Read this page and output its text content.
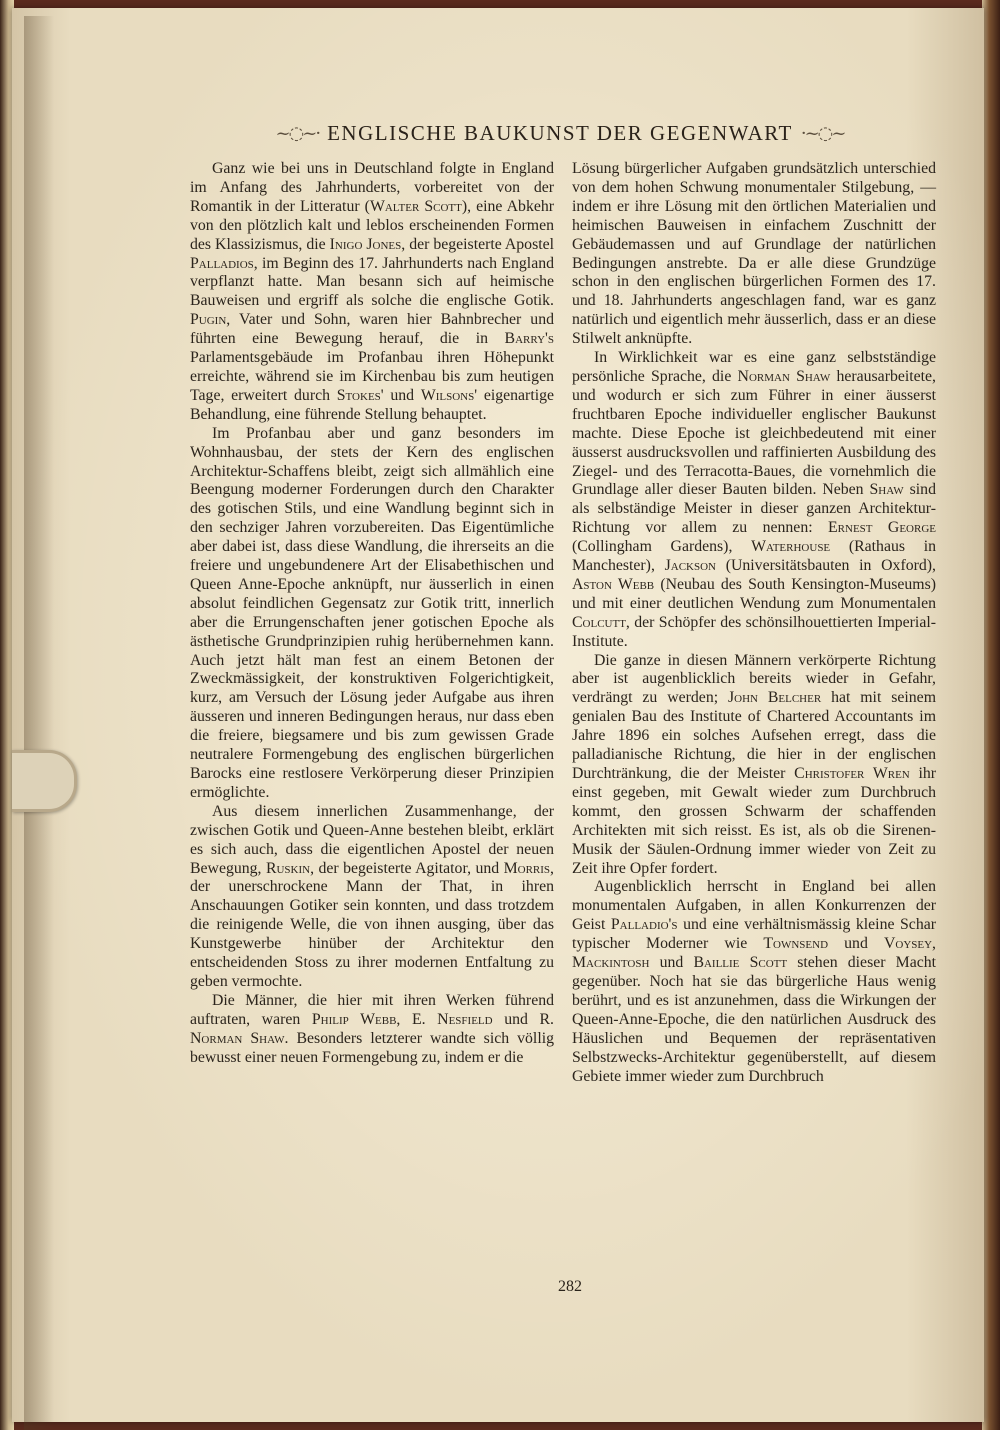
~◌~· ENGLISCHE BAUKUNST DER GEGENWART ·~◌~

Ganz wie bei uns in Deutschland folgte in England im Anfang des Jahrhunderts, vorbereitet von der Romantik in der Litteratur (Walter Scott), eine Abkehr von den plötzlich kalt und leblos erscheinenden Formen des Klassizismus, die Inigo Jones, der begeisterte Apostel Palladios, im Beginn des 17. Jahrhunderts nach England verpflanzt hatte. Man besann sich auf heimische Bauweisen und ergriff als solche die englische Gotik. Pugin, Vater und Sohn, waren hier Bahnbrecher und führten eine Bewegung herauf, die in Barry's Parlamentsgebäude im Profanbau ihren Höhepunkt erreichte, während sie im Kirchenbau bis zum heutigen Tage, erweitert durch Stokes' und Wilsons' eigenartige Behandlung, eine führende Stellung behauptet.

Im Profanbau aber und ganz besonders im Wohnhausbau, der stets der Kern des englischen Architektur-Schaffens bleibt, zeigt sich allmählich eine Beengung moderner Forderungen durch den Charakter des gotischen Stils, und eine Wandlung beginnt sich in den sechziger Jahren vorzubereiten. Das Eigentümliche aber dabei ist, dass diese Wandlung, die ihrerseits an die freiere und ungebundenere Art der Elisabethischen und Queen Anne-Epoche anknüpft, nur äusserlich in einen absolut feindlichen Gegensatz zur Gotik tritt, innerlich aber die Errungenschaften jener gotischen Epoche als ästhetische Grundprinzipien ruhig herübernehmen kann. Auch jetzt hält man fest an einem Betonen der Zweckmässigkeit, der konstruktiven Folgerichtigkeit, kurz, am Versuch der Lösung jeder Aufgabe aus ihren äusseren und inneren Bedingungen heraus, nur dass eben die freiere, biegsamere und bis zum gewissen Grade neutralere Formengebung des englischen bürgerlichen Barocks eine restlosere Verkörperung dieser Prinzipien ermöglichte.

Aus diesem innerlichen Zusammenhange, der zwischen Gotik und Queen-Anne bestehen bleibt, erklärt es sich auch, dass die eigentlichen Apostel der neuen Bewegung, Ruskin, der begeisterte Agitator, und Morris, der unerschrockene Mann der That, in ihren Anschauungen Gotiker sein konnten, und dass trotzdem die reinigende Welle, die von ihnen ausging, über das Kunstgewerbe hinüber der Architektur den entscheidenden Stoss zu ihrer modernen Entfaltung zu geben vermochte.

Die Männer, die hier mit ihren Werken führend auftraten, waren Philip Webb, E. Nesfield und R. Norman Shaw. Besonders letzterer wandte sich völlig bewusst einer neuen Formengebung zu, indem er die

Lösung bürgerlicher Aufgaben grundsätzlich unterschied von dem hohen Schwung monumentaler Stilgebung, — indem er ihre Lösung mit den örtlichen Materialien und heimischen Bauweisen in einfachem Zuschnitt der Gebäudemassen und auf Grundlage der natürlichen Bedingungen anstrebte. Da er alle diese Grundzüge schon in den englischen bürgerlichen Formen des 17. und 18. Jahrhunderts angeschlagen fand, war es ganz natürlich und eigentlich mehr äusserlich, dass er an diese Stilwelt anknüpfte.

In Wirklichkeit war es eine ganz selbstständige persönliche Sprache, die Norman Shaw herausarbeitete, und wodurch er sich zum Führer in einer äusserst fruchtbaren Epoche individueller englischer Baukunst machte. Diese Epoche ist gleichbedeutend mit einer äusserst ausdrucksvollen und raffinierten Ausbildung des Ziegel- und des Terracotta-Baues, die vornehmlich die Grundlage aller dieser Bauten bilden. Neben Shaw sind als selbständige Meister in dieser ganzen Architektur-Richtung vor allem zu nennen: Ernest George (Collingham Gardens), Waterhouse (Rathaus in Manchester), Jackson (Universitätsbauten in Oxford), Aston Webb (Neubau des South Kensington-Museums) und mit einer deutlichen Wendung zum Monumentalen Colcutt, der Schöpfer des schönsilhouettierten Imperial-Institute.

Die ganze in diesen Männern verkörperte Richtung aber ist augenblicklich bereits wieder in Gefahr, verdrängt zu werden; John Belcher hat mit seinem genialen Bau des Institute of Chartered Accountants im Jahre 1896 ein solches Aufsehen erregt, dass die palladianische Richtung, die hier in der englischen Durchtränkung, die der Meister Christofer Wren ihr einst gegeben, mit Gewalt wieder zum Durchbruch kommt, den grossen Schwarm der schaffenden Architekten mit sich reisst. Es ist, als ob die Sirenen-Musik der Säulen-Ordnung immer wieder von Zeit zu Zeit ihre Opfer fordert.

Augenblicklich herrscht in England bei allen monumentalen Aufgaben, in allen Konkurrenzen der Geist Palladio's und eine verhältnismässig kleine Schar typischer Moderner wie Townsend und Voysey, Mackintosh und Baillie Scott stehen dieser Macht gegenüber. Noch hat sie das bürgerliche Haus wenig berührt, und es ist anzunehmen, dass die Wirkungen der Queen-Anne-Epoche, die den natürlichen Ausdruck des Häuslichen und Bequemen der repräsentativen Selbstzwecks-Architektur gegenüberstellt, auf diesem Gebiete immer wieder zum Durchbruch

282
